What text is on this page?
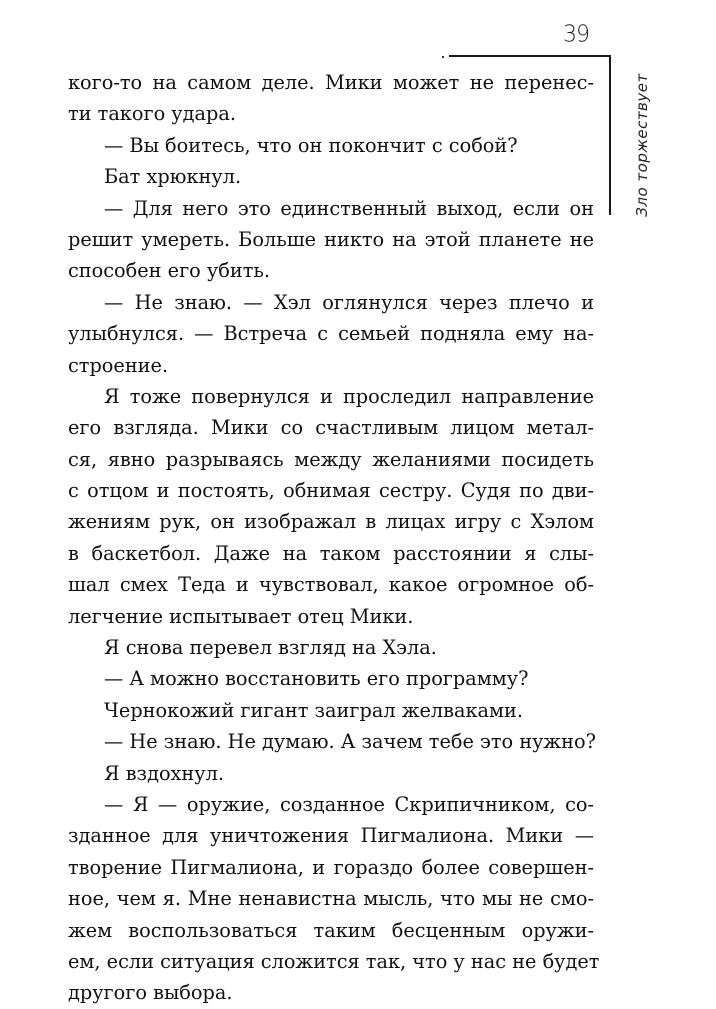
39
Зло торжествует
кого-то на самом деле. Мики может не перенес-
ти такого удара.
— Вы боитесь, что он покончит с собой?
Бат хрюкнул.
— Для него это единственный выход, если он
решит умереть. Больше никто на этой планете не
способен его убить.
— Не знаю. — Хэл оглянулся через плечо и
улыбнулся. — Встреча с семьей подняла ему на-
строение.
Я тоже повернулся и проследил направление
его взгляда. Мики со счастливым лицом метал-
ся, явно разрываясь между желаниями посидеть
с отцом и постоять, обнимая сестру. Судя по дви-
жениям рук, он изображал в лицах игру с Хэлом
в баскетбол. Даже на таком расстоянии я слы-
шал смех Теда и чувствовал, какое огромное об-
легчение испытывает отец Мики.
Я снова перевел взгляд на Хэла.
— А можно восстановить его программу?
Чернокожий гигант заиграл желваками.
— Не знаю. Не думаю. А зачем тебе это нужно?
Я вздохнул.
— Я — оружие, созданное Скрипичником, со-
зданное для уничтожения Пигмалиона. Мики —
творение Пигмалиона, и гораздо более совершен-
ное, чем я. Мне ненавистна мысль, что мы не смо-
жем воспользоваться таким бесценным оружи-
ем, если ситуация сложится так, что у нас не будет
другого выбора.
